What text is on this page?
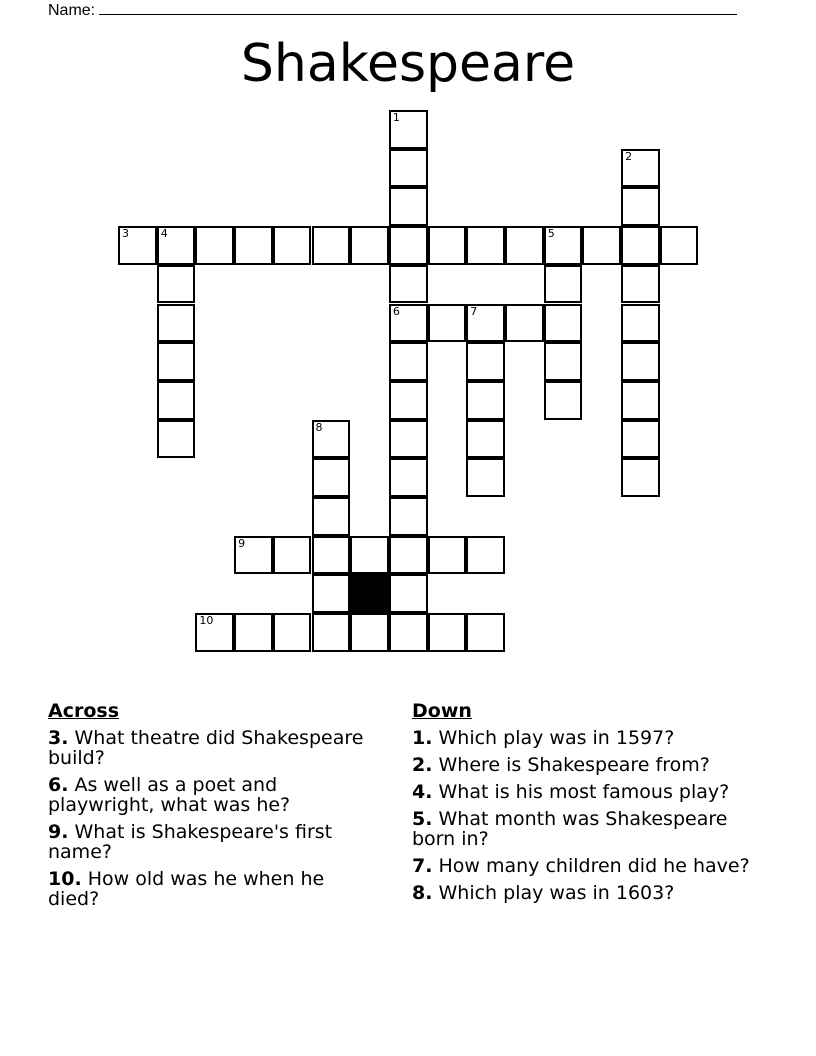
Name:
Shakespeare
1
2
3	4	5
6	7
8
9
10
Across
3. What theatre did Shakespeare build?
6. As well as a poet and playwright, what was he?
9. What is Shakespeare's first name?
10. How old was he when he died?
Down
1. Which play was in 1597?
2. Where is Shakespeare from?
4. What is his most famous play?
5. What month was Shakespeare born in?
7. How many children did he have?
8. Which play was in 1603?
